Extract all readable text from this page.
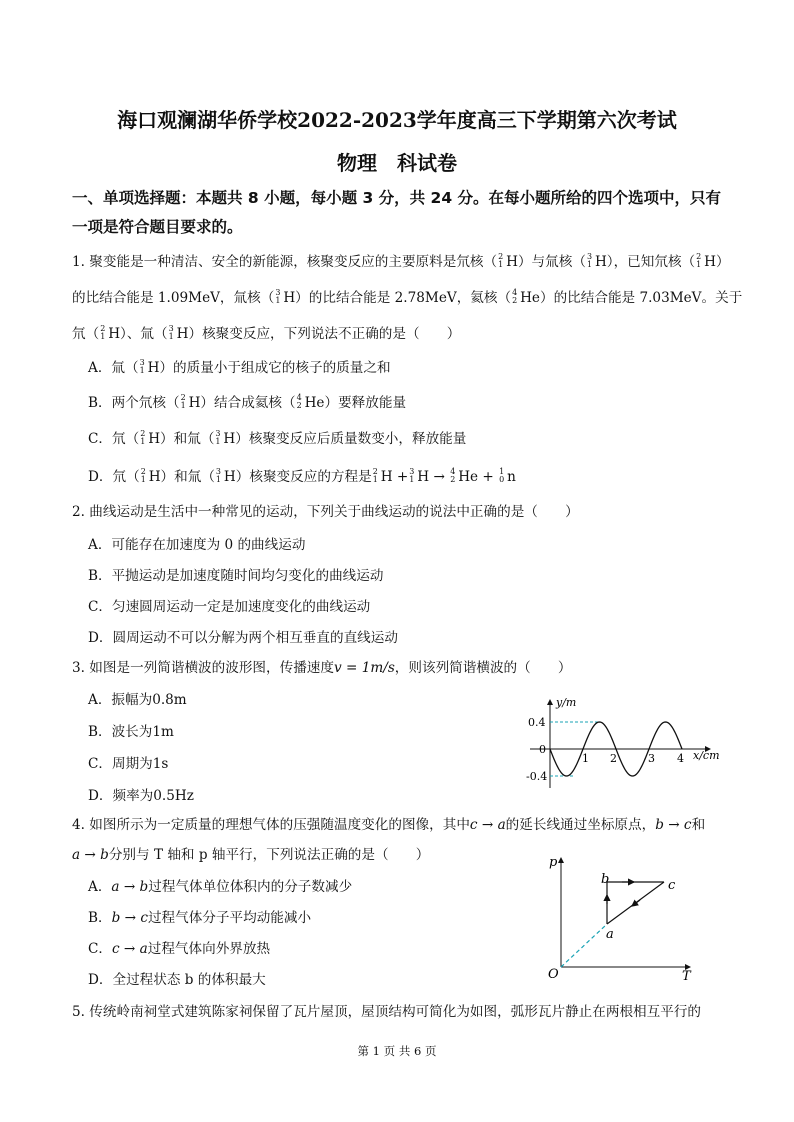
海口观澜湖华侨学校2022-2023学年度高三下学期第六次考试
物理　科试卷
一、单项选择题：本题共 8 小题，每小题 3 分，共 24 分。在每小题所给的四个选项中，只有
一项是符合题目要求的。
1. 聚变能是一种清洁、安全的新能源，核聚变反应的主要原料是氘核（ 2
1 H）与氚核（ 3
1 H），已知氘核（ 2
1 H）
的比结合能是 1.09MeV，氚核（ 3
1 H）的比结合能是 2.78MeV，氦核（ 4
2 He）的比结合能是 7.03MeV。关于
氘（ 2
1 H）、氚（ 3
1 H）核聚变反应，下列说法不正确的是（　　）
A．氚（ 3
1 H）的质量小于组成它的核子的质量之和
B．两个氘核（ 2
1 H）结合成氦核（ 4
2 He）要释放能量
C．氘（ 2
1 H）和氚（ 3
1 H）核聚变反应后质量数变小，释放能量
D．氘（ 2
1 H）和氚（ 3
1 H）核聚变反应的方程是 2
1 H + 3
1 H → 4
2 He + 1
0 n
2. 曲线运动是生活中一种常见的运动，下列关于曲线运动的说法中正确的是（　　）
A．可能存在加速度为 0 的曲线运动
B．平抛运动是加速度随时间均匀变化的曲线运动
C．匀速圆周运动一定是加速度变化的曲线运动
D．圆周运动不可以分解为两个相互垂直的直线运动
3. 如图是一列简谐横波的波形图，传播速度v = 1m/s，则该列简谐横波的（　　）
A．振幅为0.8m
B．波长为1m
C．周期为1s
D．频率为0.5Hz
y/m
x/cm
0
0.4
-0.4
1 2	3 4
4. 如图所示为一定质量的理想气体的压强随温度变化的图像，其中c → a的延长线通过坐标原点，b → c和
a → b分别与 T 轴和 p 轴平行，下列说法正确的是（　　）
A．a → b过程气体单位体积内的分子数减少
B．b → c过程气体分子平均动能减小
C．c → a过程气体向外界放热
D．全过程状态 b 的体积最大
p
T
O
a
b	c
5. 传统岭南祠堂式建筑陈家祠保留了瓦片屋顶，屋顶结构可简化为如图，弧形瓦片静止在两根相互平行的
第 1 页 共 6 页
